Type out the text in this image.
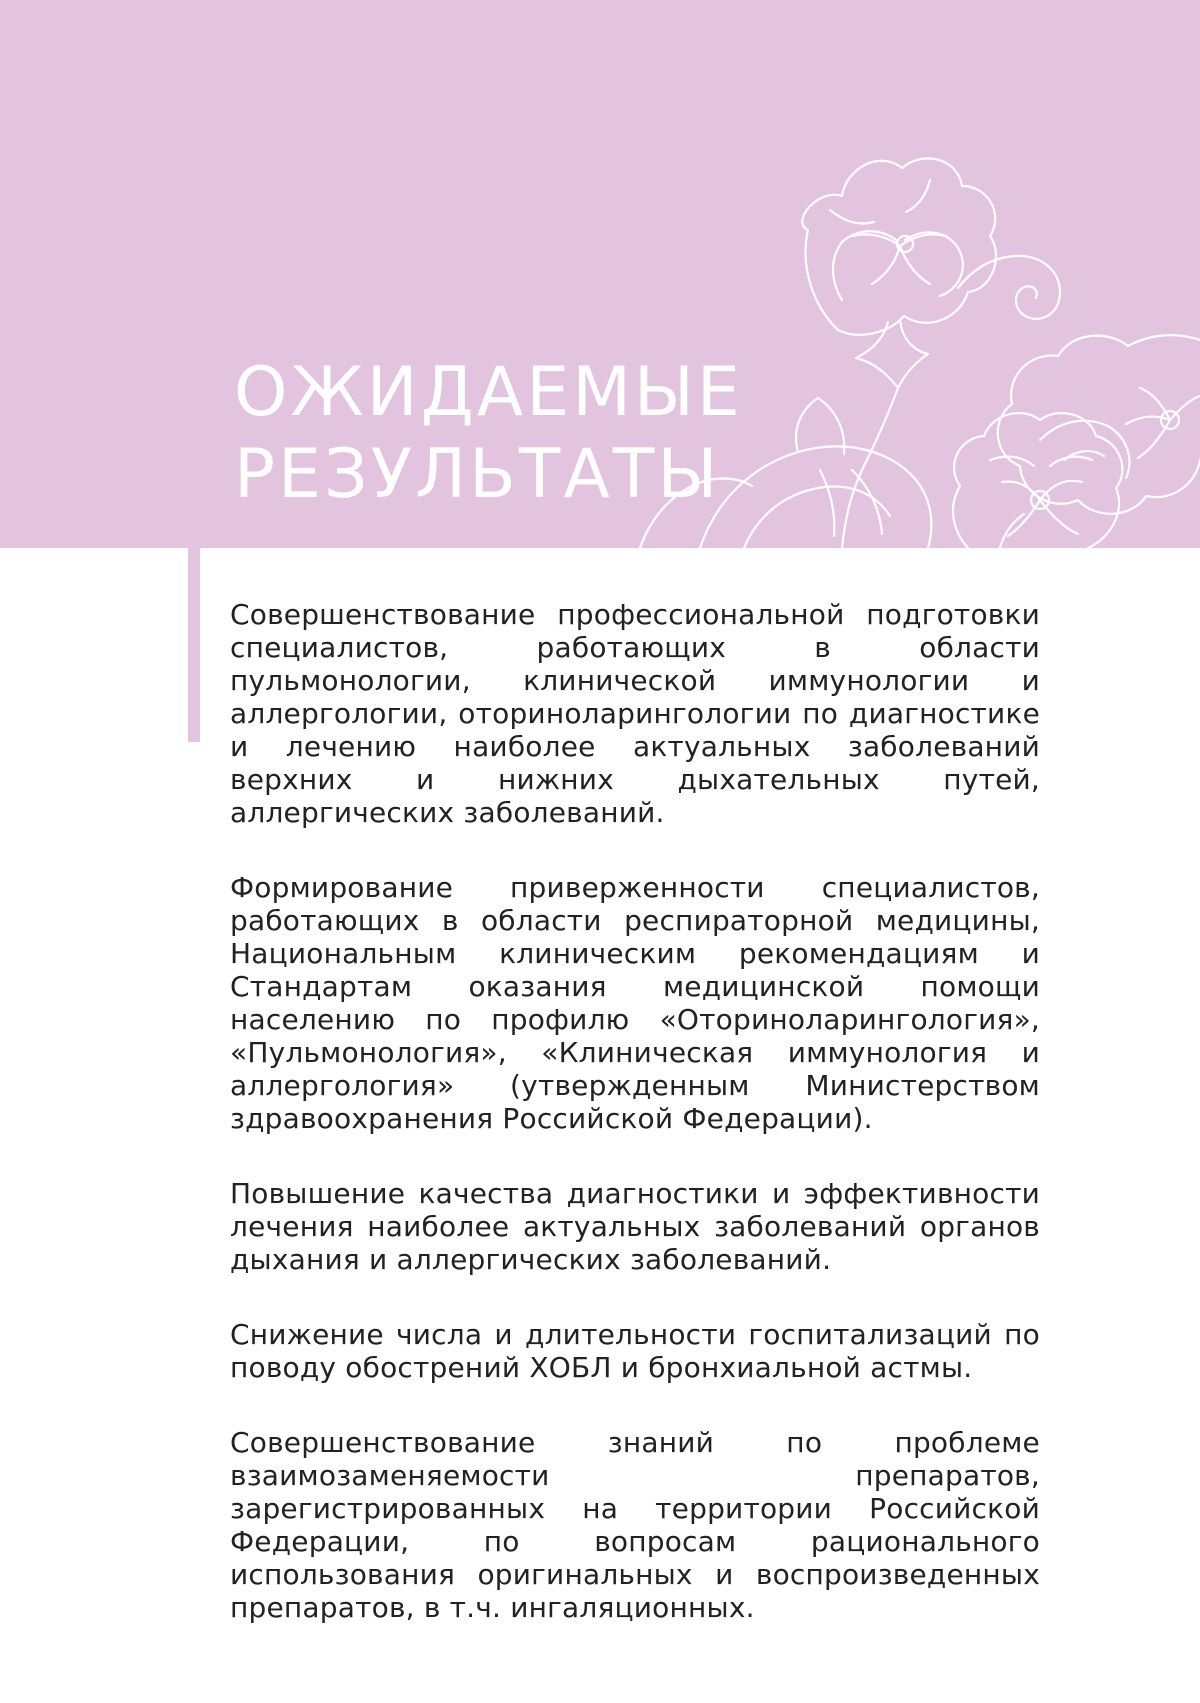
ОЖИДАЕМЫЕ
РЕЗУЛЬТАТЫ

Совершенствование профессиональной подготовки специалистов, работающих в области пульмонологии, клинической иммунологии и аллергологии, оториноларингологии по диагностике и лечению наиболее актуальных заболеваний верхних и нижних дыхательных путей, аллергических заболеваний.

Формирование приверженности специалистов, работающих в области респираторной медицины, Национальным клиническим рекомендациям и Стандартам оказания медицинской помощи населению по профилю «Оториноларингология», «Пульмонология», «Клиническая иммунология и аллергология» (утвержденным Министерством здравоохранения Российской Федерации).

Повышение качества диагностики и эффективности лечения наиболее актуальных заболеваний органов дыхания и аллергических заболеваний.

Снижение числа и длительности госпитализаций по поводу обострений ХОБЛ и бронхиальной астмы.

Совершенствование знаний по проблеме взаимозаменяемости препаратов, зарегистрированных на территории Российской Федерации, по вопросам рационального использования оригинальных и воспроизведенных препаратов, в т.ч. ингаляционных.
